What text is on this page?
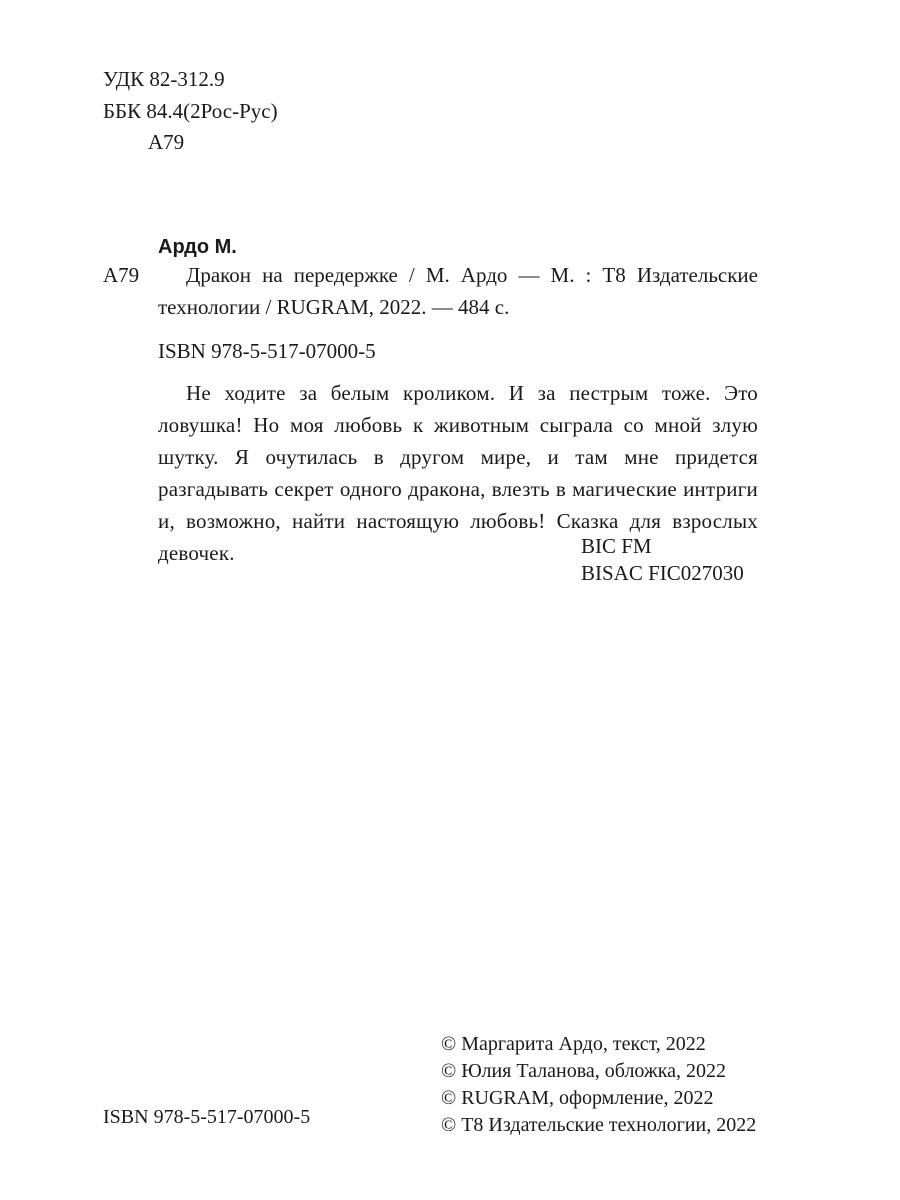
УДК 82-312.9
ББК 84.4(2Рос-Рус)
А79
Ардо М.
А79	Дракон на передержке / М. Ардо — М. : Т8 Издательские технологии / RUGRAM, 2022. — 484 с.

ISBN 978-5-517-07000-5

Не ходите за белым кроликом. И за пестрым тоже. Это ловушка! Но моя любовь к животным сыграла со мной злую шутку. Я очутилась в другом мире, и там мне придется разгадывать секрет одного дракона, влезть в магические интриги и, возможно, найти настоящую любовь! Сказка для взрослых девочек.	BIC FM
BISAC FIC027030
© Маргарита Ардо, текст, 2022
© Юлия Таланова, обложка, 2022
© RUGRAM, оформление, 2022
© Т8 Издательские технологии, 2022
ISBN 978-5-517-07000-5
